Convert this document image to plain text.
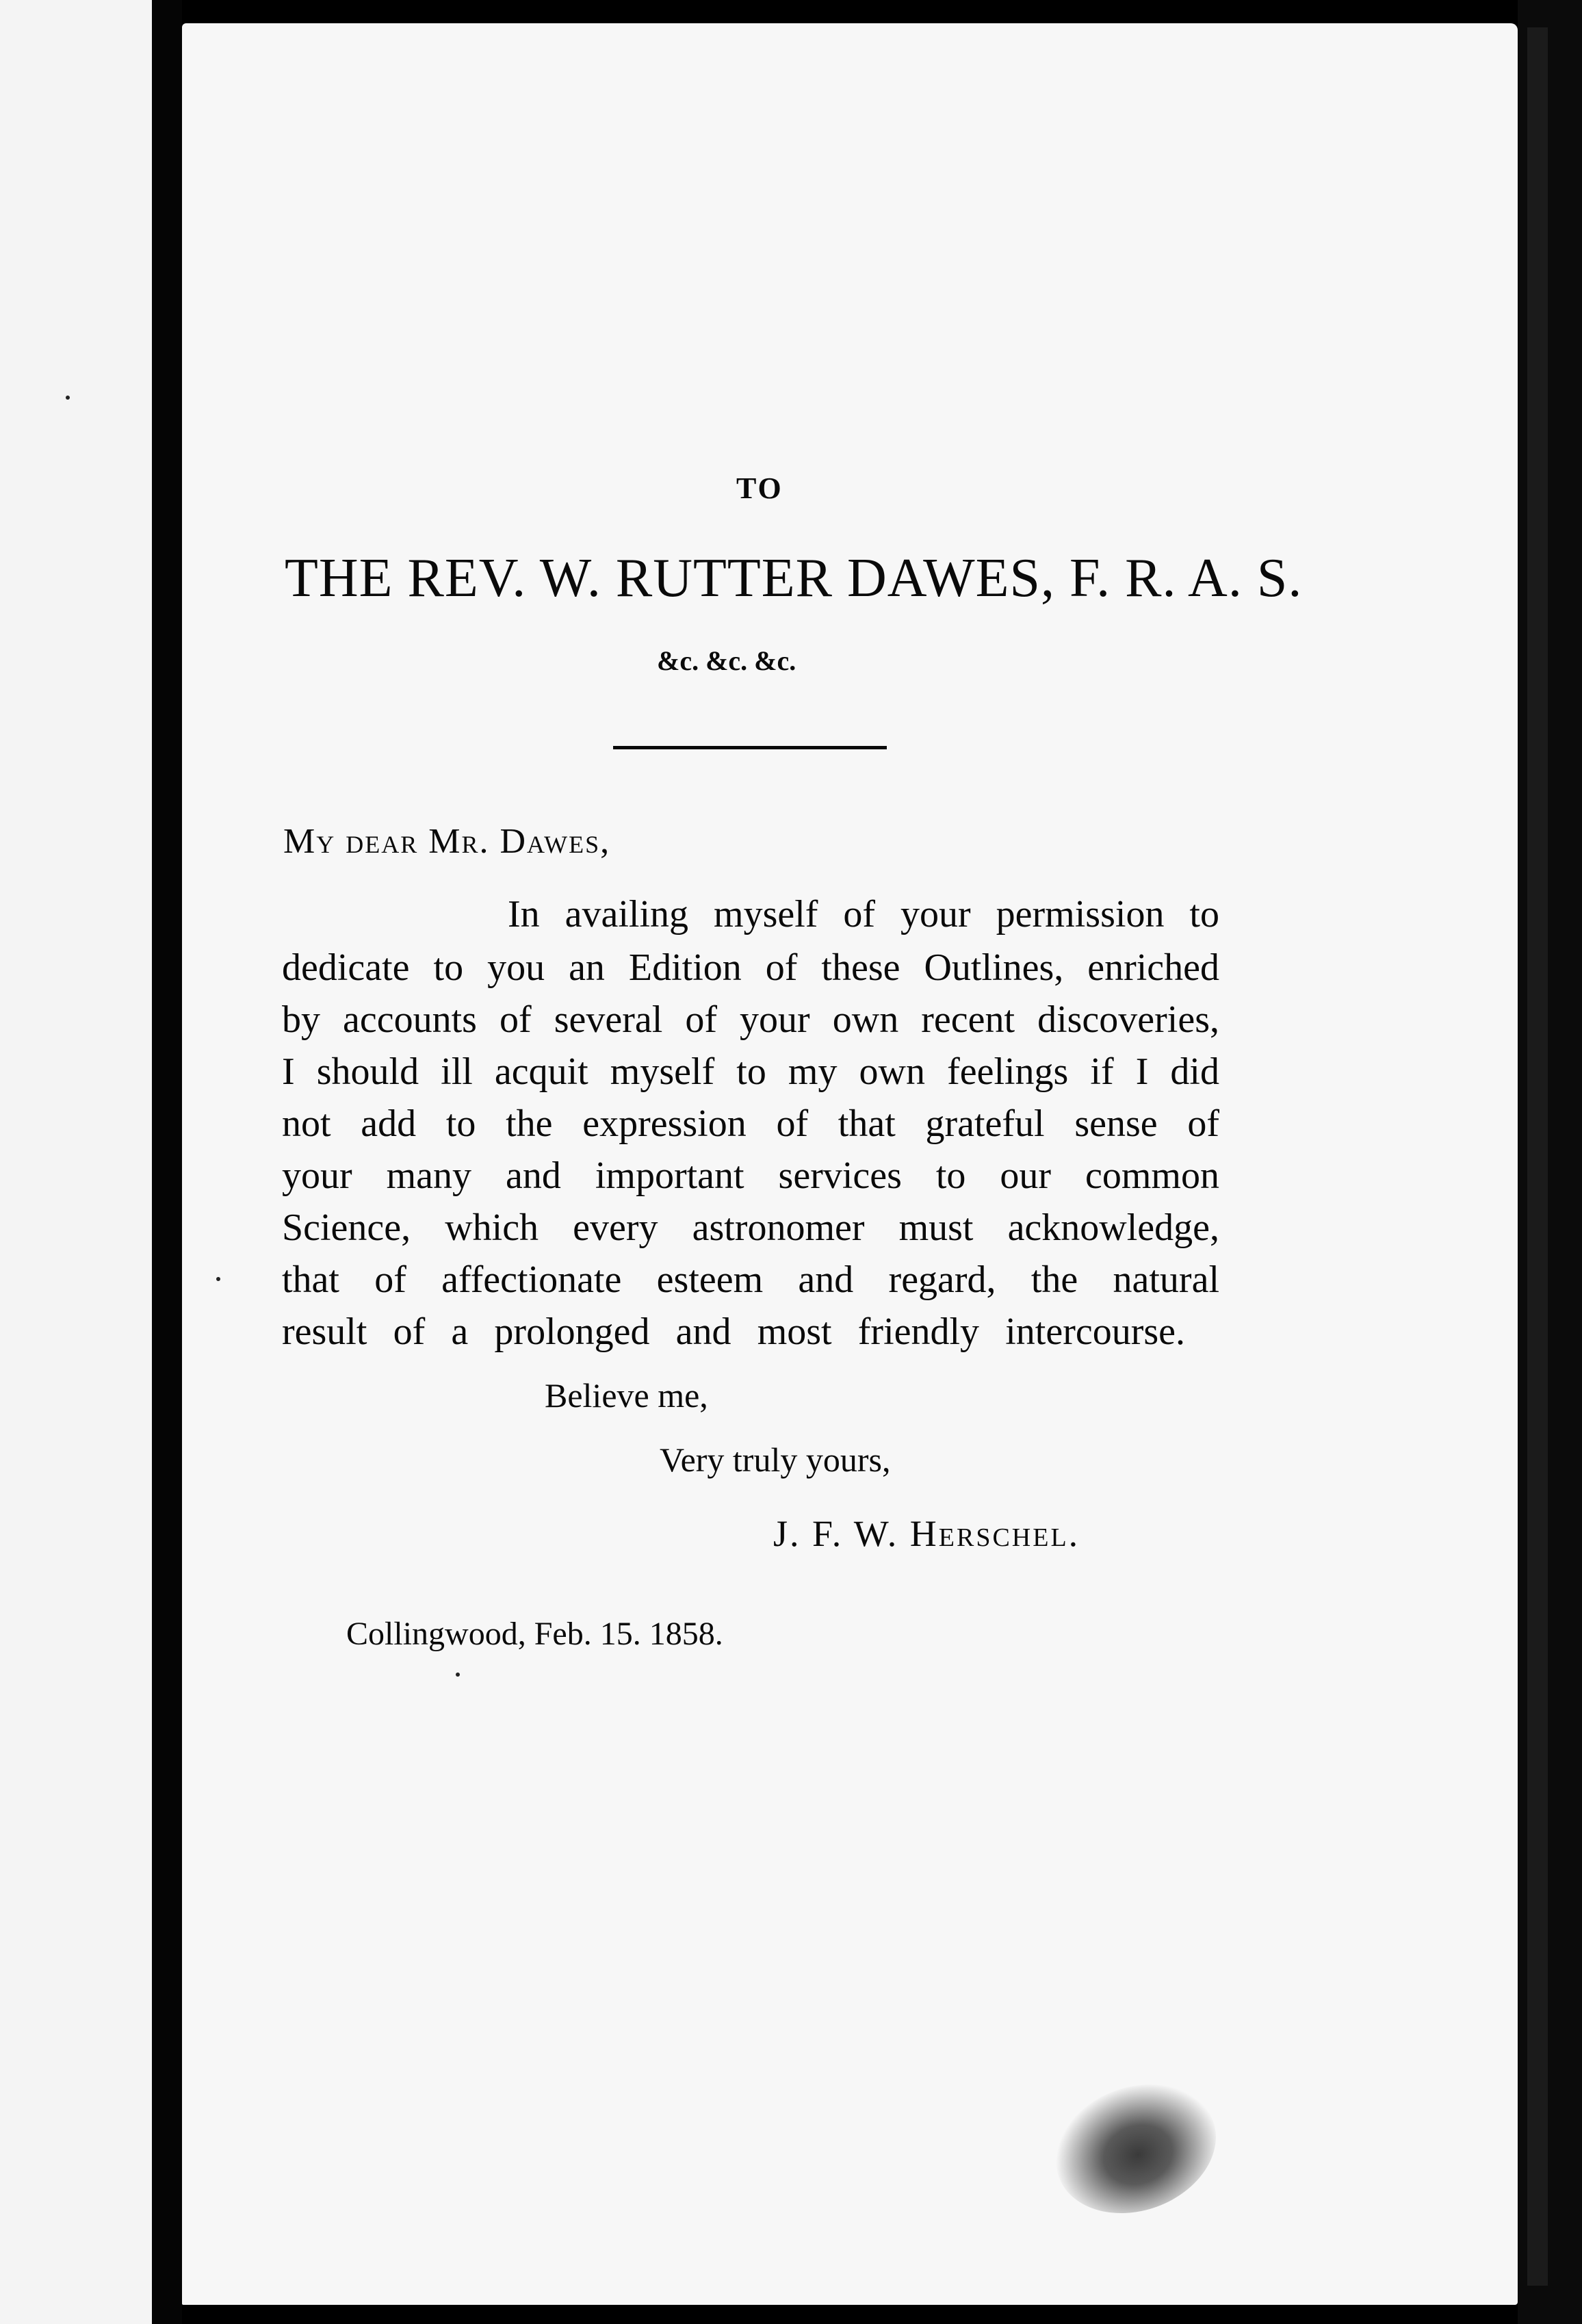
TO
THE REV. W. RUTTER DAWES, F. R. A. S.
&c. &c. &c.
My dear Mr. Dawes,
In availing myself of your permission to
dedicate to you an Edition of these Outlines, enriched
by accounts of several of your own recent discoveries,
I should ill acquit myself to my own feelings if I did
not add to the expression of that grateful sense of
your many and important services to our common
Science, which every astronomer must acknowledge,
that of affectionate esteem and regard, the natural
result of a prolonged and most friendly intercourse.
Believe me,
Very truly yours,
J. F. W. Herschel.
Collingwood, Feb. 15. 1858.
